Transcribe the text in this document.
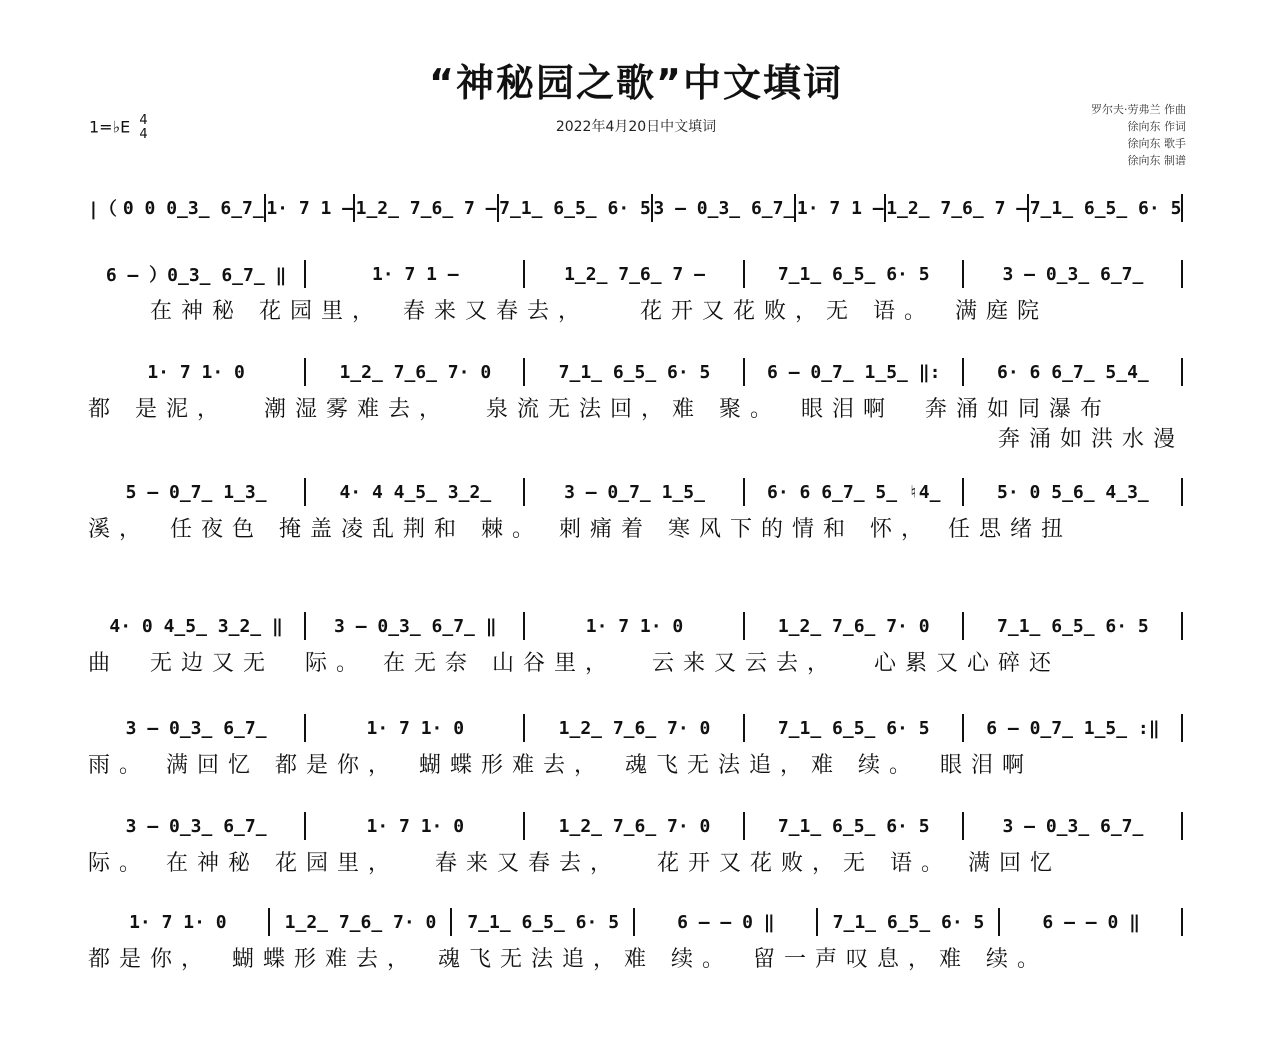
“神秘园之歌”中文填词
2022年4月20日中文填词
1=♭E 4
4
罗尔夫·劳弗兰 作曲
徐向东 作词
徐向东 歌手
徐向东 制谱
|（ 0 0 0̲3̲ 6̲7̲ 1· 7 1 – 1̲2̲ 7̲6̲ 7 – 7̲1̲ 6̲5̲ 6· 5 3 – 0̲3̲ 6̲7̲ 1· 7 1 – 1̲2̲ 7̲6̲ 7 – 7̲1̲ 6̲5̲ 6· 5
6 – ）0̲3̲ 6̲7̲ ‖	1· 7 1 –	1̲2̲ 7̲6̲ 7 –	7̲1̲ 6̲5̲ 6· 5	3 – 0̲3̲ 6̲7̲
　　在神秘 花园里，　春来又春去，　　花开又花败，无 语。　满庭院
1· 7 1· 0	1̲2̲ 7̲6̲ 7· 0	7̲1̲ 6̲5̲ 6· 5	6 – 0̲7̲ 1̲5̲ ‖:	6· 6 6̲7̲ 5̲4̲
都 是泥，　 潮湿雾难去，　 泉流无法回，难 聚。　眼泪啊　奔涌如同瀑布
奔涌如洪水漫
5 – 0̲7̲ 1̲3̲	4· 4 4̲5̲ 3̲2̲	3 – 0̲7̲ 1̲5̲	6· 6 6̲7̲ 5̲ ♮4̲	5· 0 5̲6̲ 4̲3̲
溪，　任夜色 掩盖凌乱荆和 棘。 刺痛着 寒风下的情和 怀， 任思绪扭
4· 0 4̲5̲ 3̲2̲ ‖	3 – 0̲3̲ 6̲7̲ ‖	1· 7 1· 0	1̲2̲ 7̲6̲ 7· 0	7̲1̲ 6̲5̲ 6· 5
曲　无边又无　际。 在无奈 山谷里，　 云来又云去，　 心累又心碎还
3 – 0̲3̲ 6̲7̲	1· 7 1· 0	1̲2̲ 7̲6̲ 7· 0	7̲1̲ 6̲5̲ 6· 5	6 – 0̲7̲ 1̲5̲ :‖
雨。 满回忆 都是你，　蝴蝶形难去，　魂飞无法追，难 续。　眼泪啊
3 – 0̲3̲ 6̲7̲	1· 7 1· 0	1̲2̲ 7̲6̲ 7· 0	7̲1̲ 6̲5̲ 6· 5	3 – 0̲3̲ 6̲7̲
际。 在神秘 花园里，　 春来又春去，　 花开又花败，无 语。 满回忆
1· 7 1· 0	1̲2̲ 7̲6̲ 7· 0	7̲1̲ 6̲5̲ 6· 5	6 – – 0 ‖	7̲1̲ 6̲5̲ 6· 5	6 – – 0 ‖
都是你，　蝴蝶形难去，　魂飞无法追，难 续。　留一声叹息，难 续。
